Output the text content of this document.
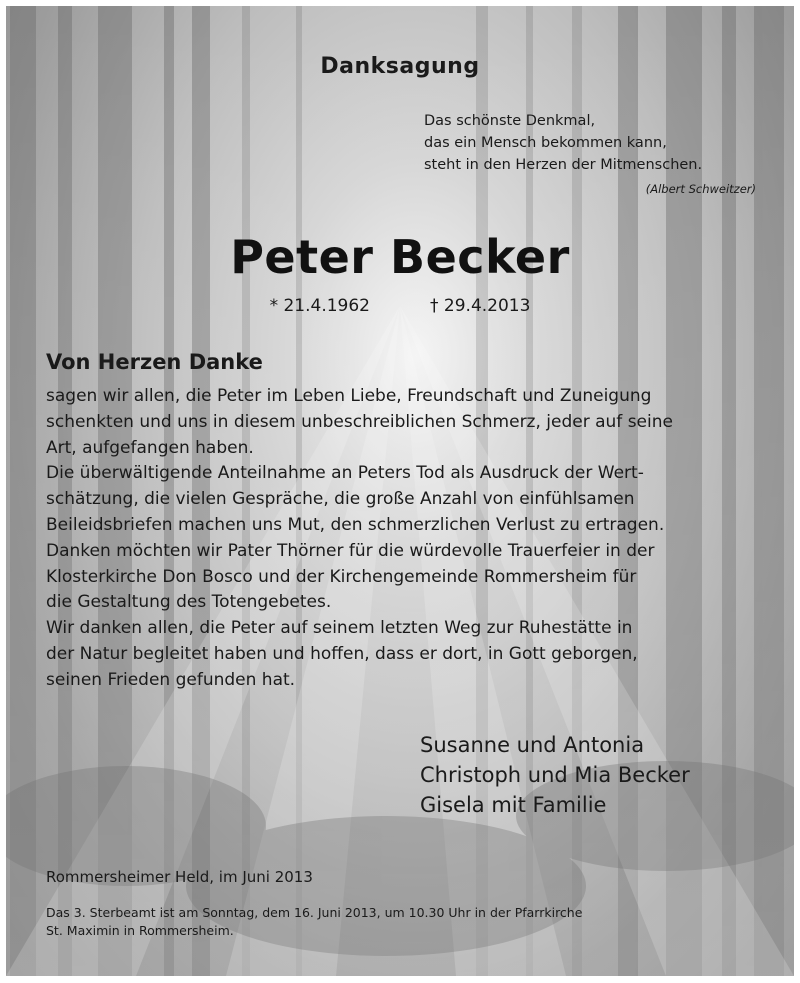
Danksagung
Das schönste Denkmal,
das ein Mensch bekommen kann,
steht in den Herzen der Mitmenschen.
(Albert Schweitzer)
Peter Becker
* 21.4.1962	† 29.4.2013
Von Herzen Danke
sagen wir allen, die Peter im Leben Liebe, Freundschaft und Zuneigung
schenkten und uns in diesem unbeschreiblichen Schmerz, jeder auf seine
Art, aufgefangen haben.
Die überwältigende Anteilnahme an Peters Tod als Ausdruck der Wert-
schätzung, die vielen Gespräche, die große Anzahl von einfühlsamen
Beileidsbriefen machen uns Mut, den schmerzlichen Verlust zu ertragen.
Danken möchten wir Pater Thörner für die würdevolle Trauerfeier in der
Klosterkirche Don Bosco und der Kirchengemeinde Rommersheim für
die Gestaltung des Totengebetes.
Wir danken allen, die Peter auf seinem letzten Weg zur Ruhestätte in
der Natur begleitet haben und hoffen, dass er dort, in Gott geborgen,
seinen Frieden gefunden hat.
Susanne und Antonia
Christoph und Mia Becker
Gisela mit Familie
Rommersheimer Held, im Juni 2013
Das 3. Sterbeamt ist am Sonntag, dem 16. Juni 2013, um 10.30 Uhr in der Pfarrkirche
St. Maximin in Rommersheim.
